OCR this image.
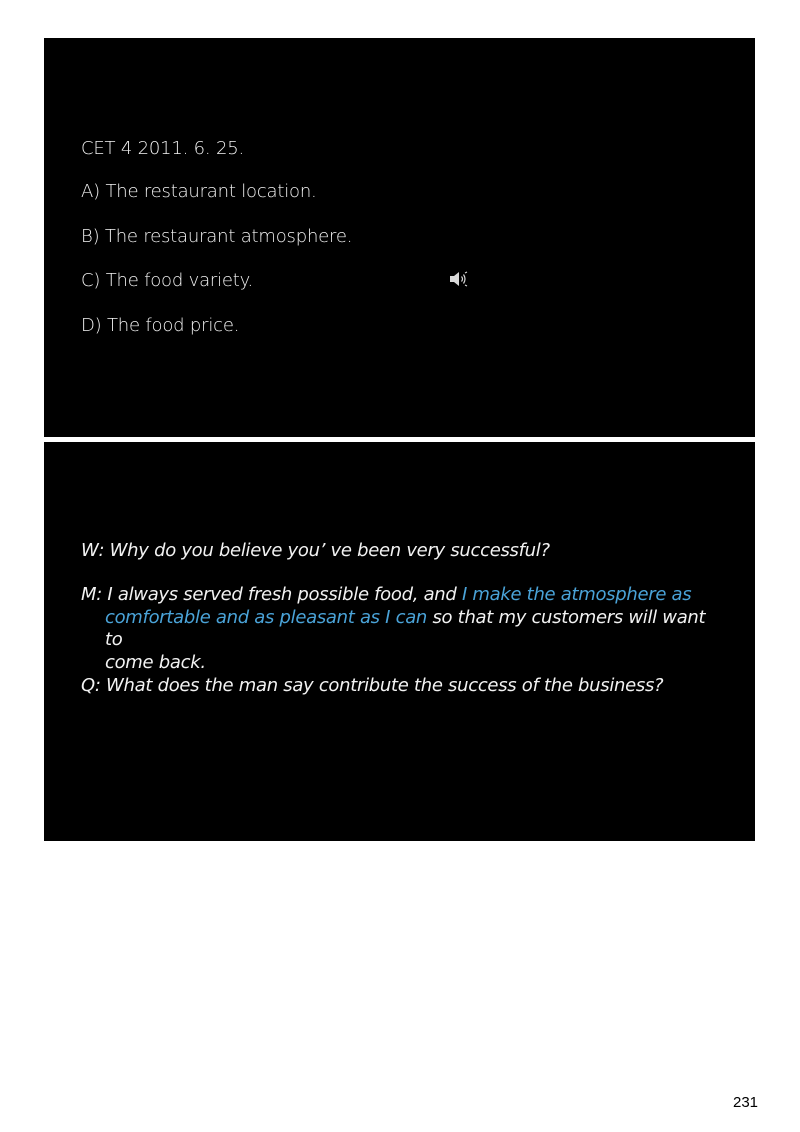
CET 4 2011. 6. 25.
A) The restaurant location.
B) The restaurant atmosphere.
C) The food variety.
D) The food price.
W: Why do you believe you’ ve been very successful?
M: I always served fresh possible food, and I make the atmosphere as
comfortable and as pleasant as I can so that my customers will want to
come back.
Q: What does the man say contribute the success of the business?
231
